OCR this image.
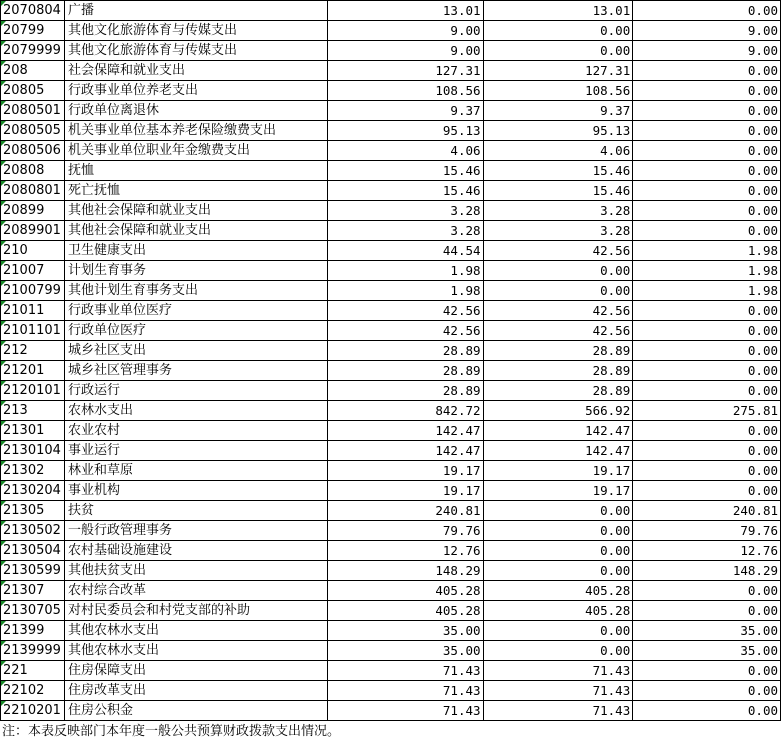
2070804	广播	13.01	13.01	0.00
20799	其他文化旅游体育与传媒支出	9.00	0.00	9.00
2079999	其他文化旅游体育与传媒支出	9.00	0.00	9.00
208	社会保障和就业支出	127.31	127.31	0.00
20805	行政事业单位养老支出	108.56	108.56	0.00
2080501	行政单位离退休	9.37	9.37	0.00
2080505	机关事业单位基本养老保险缴费支出	95.13	95.13	0.00
2080506	机关事业单位职业年金缴费支出	4.06	4.06	0.00
20808	抚恤	15.46	15.46	0.00
2080801	死亡抚恤	15.46	15.46	0.00
20899	其他社会保障和就业支出	3.28	3.28	0.00
2089901	其他社会保障和就业支出	3.28	3.28	0.00
210	卫生健康支出	44.54	42.56	1.98
21007	计划生育事务	1.98	0.00	1.98
2100799	其他计划生育事务支出	1.98	0.00	1.98
21011	行政事业单位医疗	42.56	42.56	0.00
2101101	行政单位医疗	42.56	42.56	0.00
212	城乡社区支出	28.89	28.89	0.00
21201	城乡社区管理事务	28.89	28.89	0.00
2120101	行政运行	28.89	28.89	0.00
213	农林水支出	842.72	566.92	275.81
21301	农业农村	142.47	142.47	0.00
2130104	事业运行	142.47	142.47	0.00
21302	林业和草原	19.17	19.17	0.00
2130204	事业机构	19.17	19.17	0.00
21305	扶贫	240.81	0.00	240.81
2130502	一般行政管理事务	79.76	0.00	79.76
2130504	农村基础设施建设	12.76	0.00	12.76
2130599	其他扶贫支出	148.29	0.00	148.29
21307	农村综合改革	405.28	405.28	0.00
2130705	对村民委员会和村党支部的补助	405.28	405.28	0.00
21399	其他农林水支出	35.00	0.00	35.00
2139999	其他农林水支出	35.00	0.00	35.00
221	住房保障支出	71.43	71.43	0.00
22102	住房改革支出	71.43	71.43	0.00
2210201	住房公积金	71.43	71.43	0.00
注：本表反映部门本年度一般公共预算财政拨款支出情况。
